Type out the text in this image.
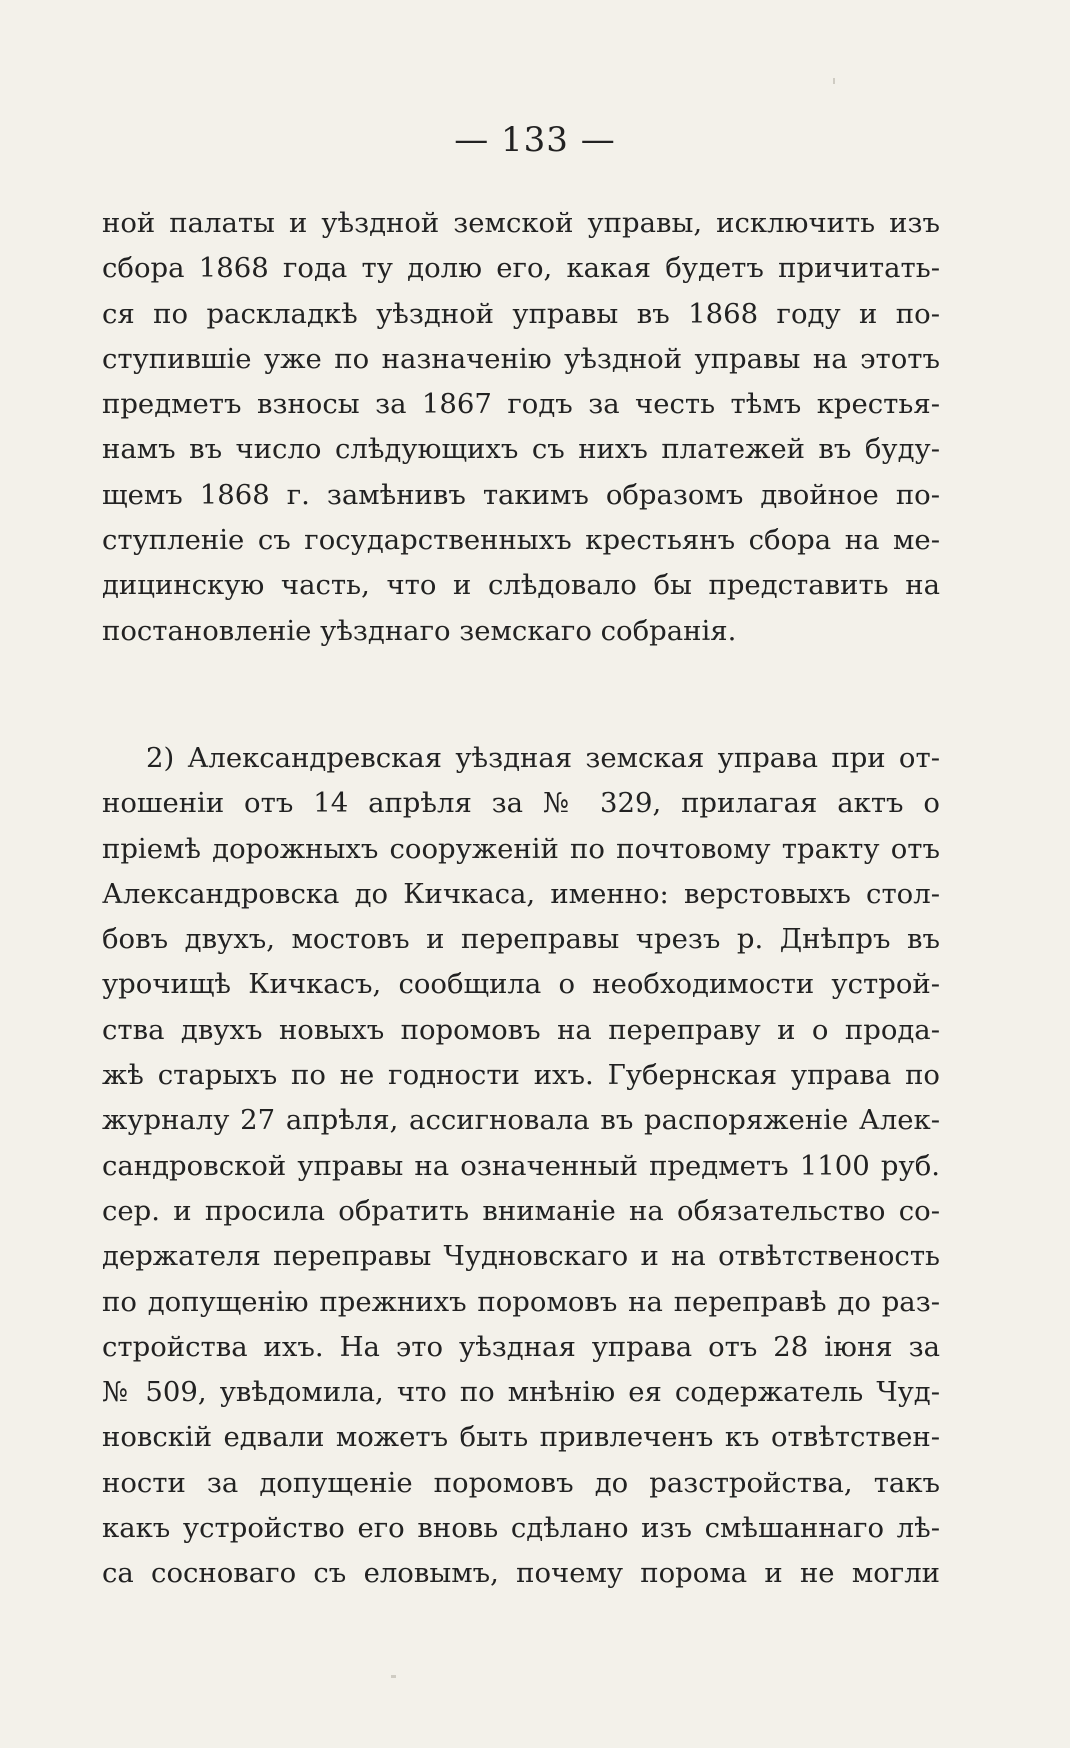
— 133 —
ной палаты и уѣздной земской управы, исключить изъ
сбора 1868 года ту долю его, какая будетъ причитать-
ся по раскладкѣ уѣздной управы въ 1868 году и по-
ступившіе уже по назначенію уѣздной управы на этотъ
предметъ взносы за 1867 годъ за честь тѣмъ крестья-
намъ въ число слѣдующихъ съ нихъ платежей въ буду-
щемъ 1868 г. замѣнивъ такимъ образомъ двойное по-
ступленіе съ государственныхъ крестьянъ сбора на ме-
дицинскую часть, что и слѣдовало бы представить на
постановленіе уѣзднаго земскаго собранія.
2) Александревская уѣздная земская управа при от-
ношеніи отъ 14 апрѣля за № 329, прилагая актъ о
пріемѣ дорожныхъ сооруженій по почтовому тракту отъ
Александровска до Кичкаса, именно: верстовыхъ стол-
бовъ двухъ, мостовъ и переправы чрезъ р. Днѣпръ въ
урочищѣ Кичкасъ, сообщила о необходимости устрой-
ства двухъ новыхъ поромовъ на переправу и о прода-
жѣ старыхъ по не годности ихъ. Губернская управа по
журналу 27 апрѣля, ассигновала въ распоряженіе Алек-
сандровской управы на означенный предметъ 1100 руб.
сер. и просила обратить вниманіе на обязательство со-
держателя переправы Чудновскаго и на отвѣтственость
по допущенію прежнихъ поромовъ на переправѣ до раз-
стройства ихъ. На это уѣздная управа отъ 28 іюня за
№ 509, увѣдомила, что по мнѣнію ея содержатель Чуд-
новскій едвали можетъ быть привлеченъ къ отвѣтствен-
ности за допущеніе поромовъ до разстройства, такъ
какъ устройство его вновь сдѣлано изъ смѣшаннаго лѣ-
са сосноваго съ еловымъ, почему порома и не могли
